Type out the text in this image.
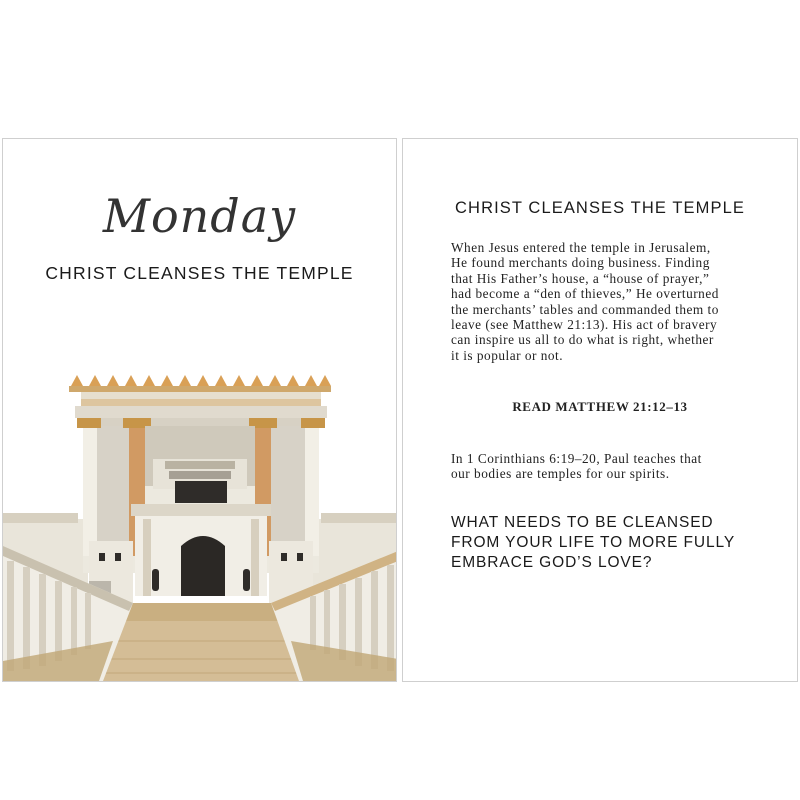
Monday
CHRIST CLEANSES THE TEMPLE
CHRIST CLEANSES THE TEMPLE
When Jesus entered the temple in Jerusalem,
He found merchants doing business. Finding
that His Father’s house, a “house of prayer,”
had become a “den of thieves,” He overturned
the merchants’ tables and commanded them to
leave (see Matthew 21:13). His act of bravery
can inspire us all to do what is right, whether
it is popular or not.
READ MATTHEW 21:12–13
In 1 Corinthians 6:19–20, Paul teaches that
our bodies are temples for our spirits.
WHAT NEEDS TO BE CLEANSED
FROM YOUR LIFE TO MORE FULLY
EMBRACE GOD’S LOVE?
